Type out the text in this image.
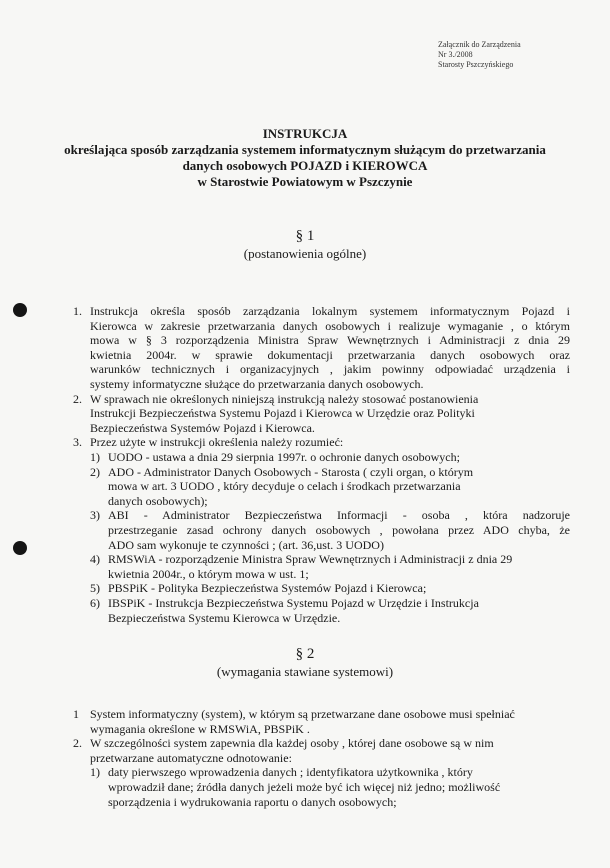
Załącznik do Zarządzenia
Nr 3./2008
Starosty Pszczyńskiego
INSTRUKCJA
określająca sposób zarządzania systemem informatycznym służącym do przetwarzania
danych osobowych POJAZD i KIEROWCA
w Starostwie Powiatowym w Pszczynie
§ 1
(postanowienia ogólne)
1. Instrukcja określa sposób zarządzania lokalnym systemem informatycznym Pojazd i
Kierowca w zakresie przetwarzania danych osobowych i realizuje wymaganie , o którym
mowa w § 3 rozporządzenia Ministra Spraw Wewnętrznych i Administracji z dnia 29
kwietnia 2004r. w sprawie dokumentacji przetwarzania danych osobowych oraz
warunków technicznych i organizacyjnych , jakim powinny odpowiadać urządzenia i
systemy informatyczne służące do przetwarzania danych osobowych.
2. W sprawach nie określonych niniejszą instrukcją należy stosować postanowienia
Instrukcji Bezpieczeństwa Systemu Pojazd i Kierowca w Urzędzie oraz Polityki
Bezpieczeństwa Systemów Pojazd i Kierowca.
3. Przez użyte w instrukcji określenia należy rozumieć:
1) UODO - ustawa a dnia 29 sierpnia 1997r. o ochronie danych osobowych;
2) ADO - Administrator Danych Osobowych - Starosta ( czyli organ, o którym
mowa w art. 3 UODO , który decyduje o celach i środkach przetwarzania
danych osobowych);
3) ABI - Administrator Bezpieczeństwa Informacji - osoba , która nadzoruje
przestrzeganie zasad ochrony danych osobowych , powołana przez ADO chyba, że
ADO sam wykonuje te czynności ; (art. 36,ust. 3 UODO)
4) RMSWiA - rozporządzenie Ministra Spraw Wewnętrznych i Administracji z dnia 29
kwietnia 2004r., o którym mowa w ust. 1;
5) PBSPiK - Polityka Bezpieczeństwa Systemów Pojazd i Kierowca;
6) IBSPiK - Instrukcja Bezpieczeństwa Systemu Pojazd w Urzędzie i Instrukcja
Bezpieczeństwa Systemu Kierowca w Urzędzie.
§ 2
(wymagania stawiane systemowi)
1 System informatyczny (system), w którym są przetwarzane dane osobowe musi spełniać
wymagania określone w RMSWiA, PBSPiK .
2. W szczególności system zapewnia dla każdej osoby , której dane osobowe są w nim
przetwarzane automatyczne odnotowanie:
1) daty pierwszego wprowadzenia danych ; identyfikatora użytkownika , który
wprowadził dane; źródła danych jeżeli może być ich więcej niż jedno; możliwość
sporządzenia i wydrukowania raportu o danych osobowych;
